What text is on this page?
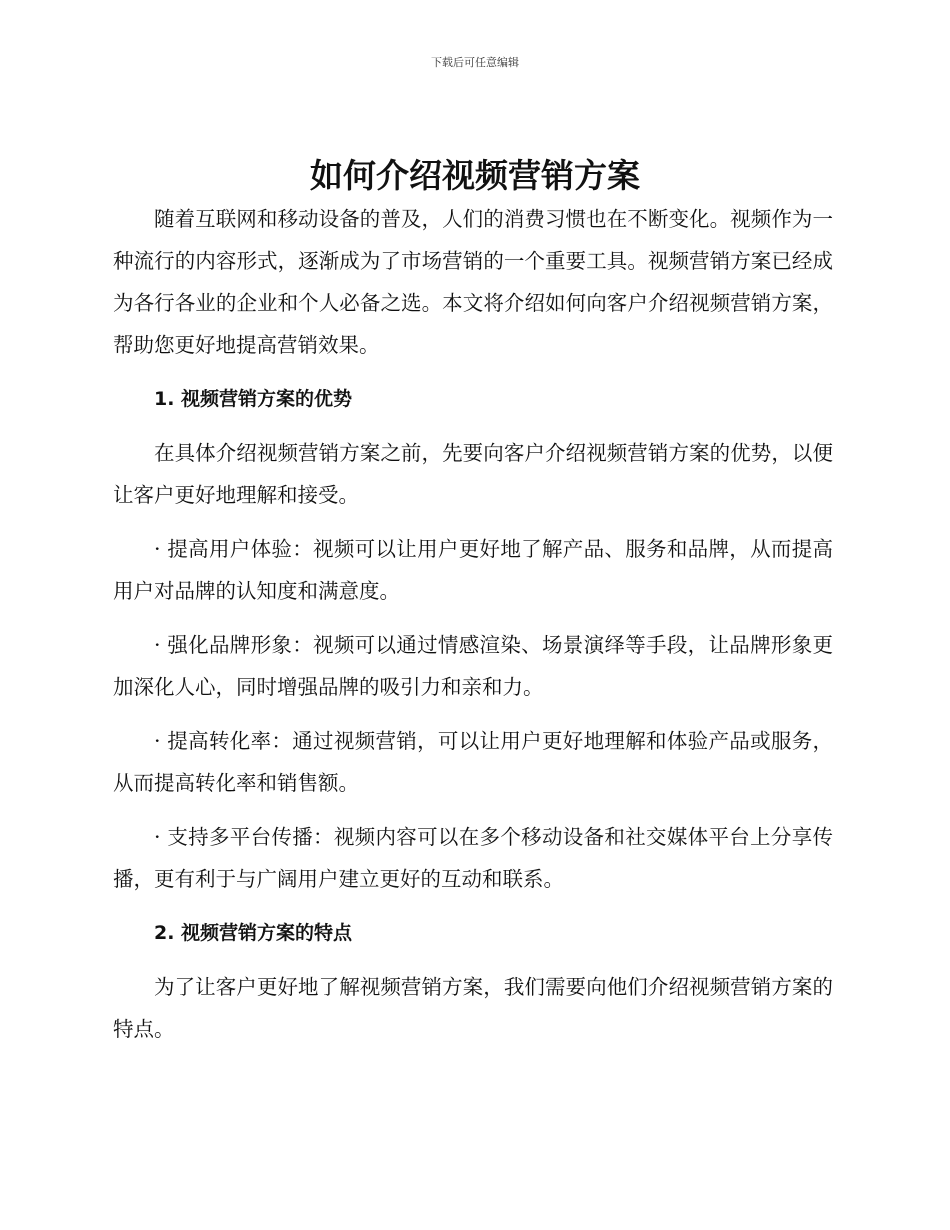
下载后可任意编辑
如何介绍视频营销方案

随着互联网和移动设备的普及，人们的消费习惯也在不断变化。视频作为一种流行的内容形式，逐渐成为了市场营销的一个重要工具。视频营销方案已经成为各行各业的企业和个人必备之选。本文将介绍如何向客户介绍视频营销方案，帮助您更好地提高营销效果。

1. 视频营销方案的优势

在具体介绍视频营销方案之前，先要向客户介绍视频营销方案的优势，以便让客户更好地理解和接受。

· 提高用户体验：视频可以让用户更好地了解产品、服务和品牌，从而提高用户对品牌的认知度和满意度。

· 强化品牌形象：视频可以通过情感渲染、场景演绎等手段，让品牌形象更加深化人心，同时增强品牌的吸引力和亲和力。

· 提高转化率：通过视频营销，可以让用户更好地理解和体验产品或服务，从而提高转化率和销售额。

· 支持多平台传播：视频内容可以在多个移动设备和社交媒体平台上分享传播，更有利于与广阔用户建立更好的互动和联系。

2. 视频营销方案的特点

为了让客户更好地了解视频营销方案，我们需要向他们介绍视频营销方案的特点。
